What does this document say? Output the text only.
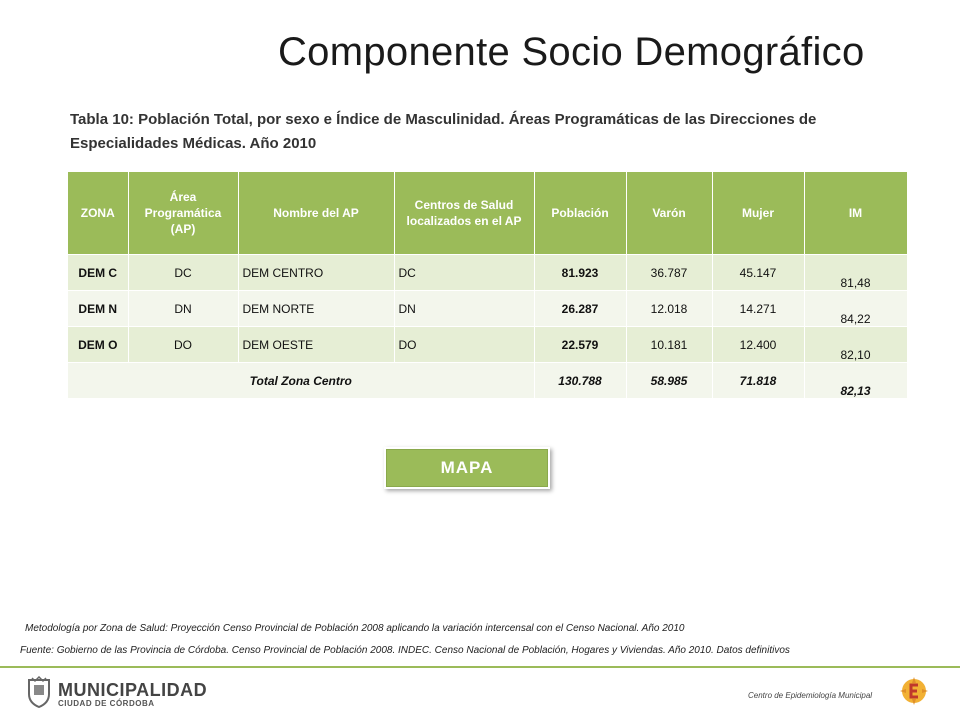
Componente Socio Demográfico
Tabla 10: Población Total, por sexo e Índice de Masculinidad. Áreas Programáticas de las Direcciones de Especialidades Médicas. Año 2010
ZONA	Área Programática (AP)	Nombre del AP	Centros de Salud localizados en el AP	Población	Varón	Mujer	IM
DEM C	DC	DEM CENTRO	DC	81.923	36.787	45.147	81,48
DEM N	DN	DEM NORTE	DN	26.287	12.018	14.271	84,22
DEM O	DO	DEM OESTE	DO	22.579	10.181	12.400	82,10
Total Zona Centro				130.788	58.985	71.818	82,13
MAPA
Metodología por Zona de Salud: Proyección Censo Provincial de Población 2008 aplicando la variación intercensal con el Censo Nacional. Año 2010
Fuente: Gobierno de las Provincia de Córdoba. Censo Provincial de Población 2008. INDEC. Censo Nacional de Población, Hogares y Viviendas. Año 2010. Datos definitivos
MUNICIPALIDAD
CIUDAD DE CÓRDOBA
Centro de Epidemiología Municipal
